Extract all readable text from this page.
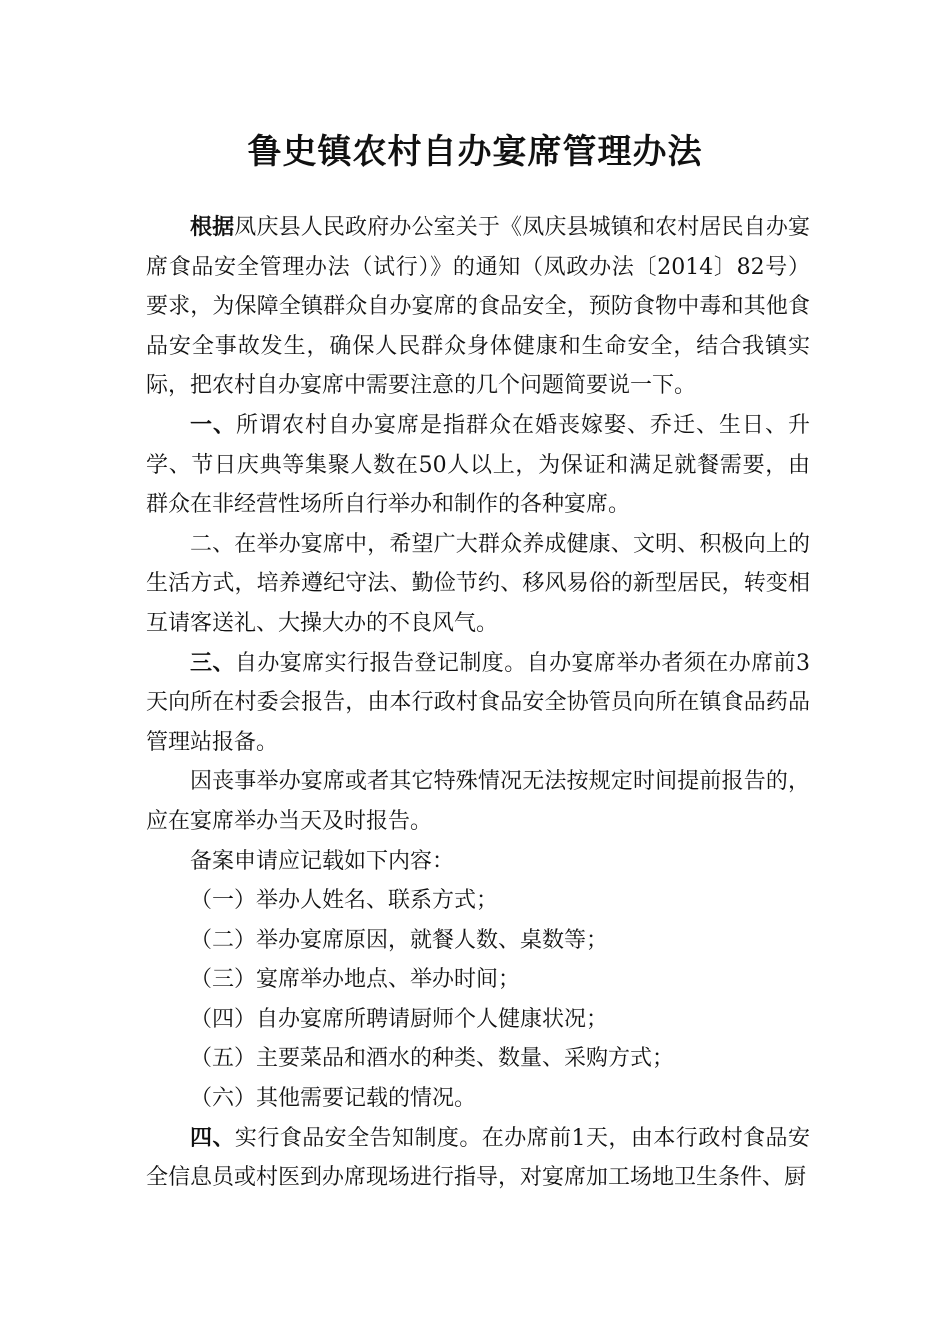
鲁史镇农村自办宴席管理办法

根据凤庆县人民政府办公室关于《凤庆县城镇和农村居民自办宴席食品安全管理办法（试行）》的通知（凤政办法〔2014〕82号）要求，为保障全镇群众自办宴席的食品安全，预防食物中毒和其他食品安全事故发生，确保人民群众身体健康和生命安全，结合我镇实际，把农村自办宴席中需要注意的几个问题简要说一下。

一、所谓农村自办宴席是指群众在婚丧嫁娶、乔迁、生日、升学、节日庆典等集聚人数在50人以上，为保证和满足就餐需要，由群众在非经营性场所自行举办和制作的各种宴席。

二、在举办宴席中，希望广大群众养成健康、文明、积极向上的生活方式，培养遵纪守法、勤俭节约、移风易俗的新型居民，转变相互请客送礼、大操大办的不良风气。

三、自办宴席实行报告登记制度。自办宴席举办者须在办席前3天向所在村委会报告，由本行政村食品安全协管员向所在镇食品药品管理站报备。

因丧事举办宴席或者其它特殊情况无法按规定时间提前报告的，应在宴席举办当天及时报告。

备案申请应记载如下内容：

（一）举办人姓名、联系方式；

（二）举办宴席原因，就餐人数、桌数等；

（三）宴席举办地点、举办时间；

（四）自办宴席所聘请厨师个人健康状况；

（五）主要菜品和酒水的种类、数量、采购方式；

（六）其他需要记载的情况。

四、实行食品安全告知制度。在办席前1天，由本行政村食品安全信息员或村医到办席现场进行指导，对宴席加工场地卫生条件、厨
